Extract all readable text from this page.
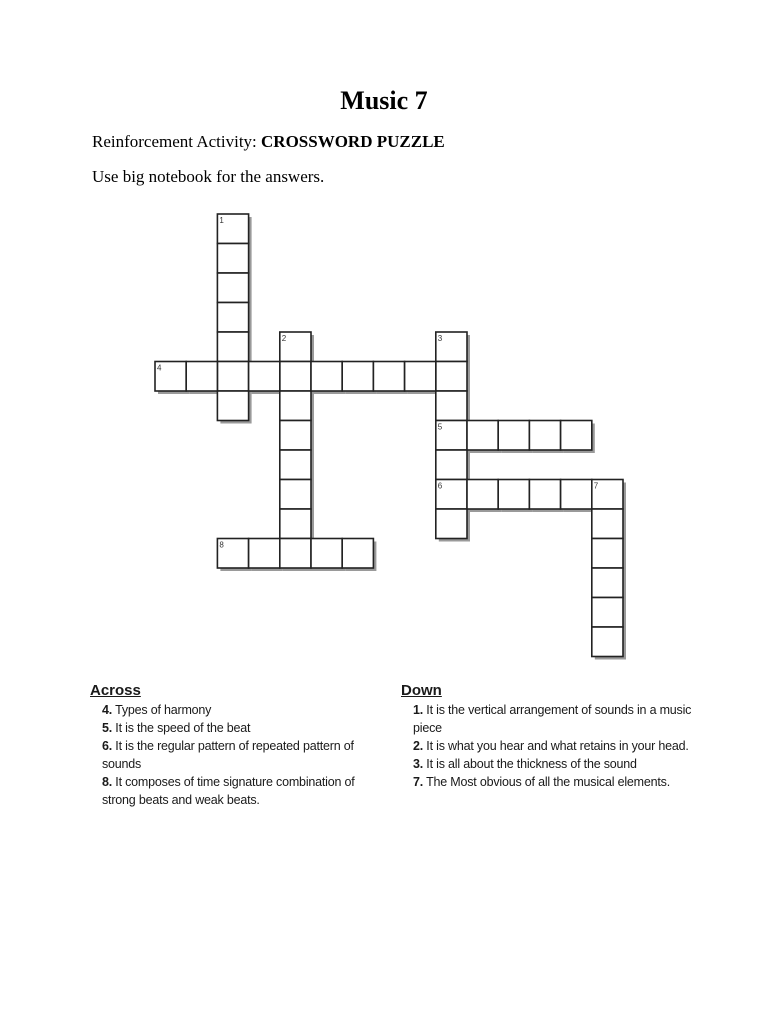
Music 7
Reinforcement Activity: CROSSWORD PUZZLE
Use big notebook for the answers.
1
2	3
4
5
6	7
8
Across
4. Types of harmony
5. It is the speed of the beat
6. It is the regular pattern of repeated pattern of sounds
8. It composes of time signature combination of strong beats and weak beats.
Down
1. It is the vertical arrangement of sounds in a music piece
2. It is what you hear and what retains in your head.
3. It is all about the thickness of the sound
7. The Most obvious of all the musical elements.
